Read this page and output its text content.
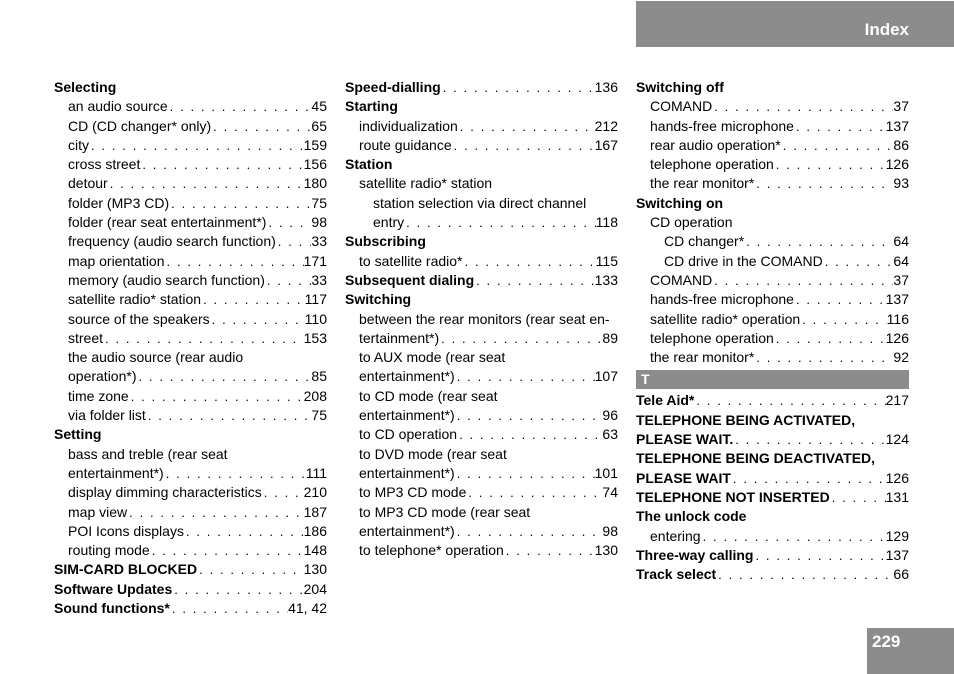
Index
Selecting
an audio source . . .	45
CD (CD changer* only) . . .	65
city . . .	159
cross street . . .	156
detour . . .	180
folder (MP3 CD) . . .	75
folder (rear seat entertainment*) . . .	98
frequency (audio search function) . . .	33
map orientation . . .	171
memory (audio search function) . . .	33
satellite radio* station . . .	117
source of the speakers . . .	110
street . . .	153
the audio source (rear audio
operation*) . . .	85
time zone . . .	208
via folder list . . .	75
Setting
bass and treble (rear seat
entertainment*) . . .	111
display dimming characteristics . . .	210
map view . . .	187
POI Icons displays . . .	186
routing mode . . .	148
SIM-CARD BLOCKED . . .	130
Software Updates . . .	204
Sound functions* . . .	41, 42
Speed-dialling . . .	136
Starting
individualization . . .	212
route guidance . . .	167
Station
satellite radio* station
station selection via direct channel
entry . . .	118
Subscribing
to satellite radio* . . .	115
Subsequent dialing . . .	133
Switching
between the rear monitors (rear seat en-
tertainment*) . . .	89
to AUX mode (rear seat
entertainment*) . . .	107
to CD mode (rear seat
entertainment*) . . .	96
to CD operation . . .	63
to DVD mode (rear seat
entertainment*) . . .	101
to MP3 CD mode . . .	74
to MP3 CD mode (rear seat
entertainment*) . . .	98
to telephone* operation . . .	130
Switching off
COMAND . . .	37
hands-free microphone . . .	137
rear audio operation* . . .	86
telephone operation . . .	126
the rear monitor* . . .	93
Switching on
CD operation
CD changer* . . .	64
CD drive in the COMAND . . .	64
COMAND . . .	37
hands-free microphone . . .	137
satellite radio* operation . . .	116
telephone operation . . .	126
the rear monitor* . . .	92
T
Tele Aid* . . .	217
TELEPHONE BEING ACTIVATED,
PLEASE WAIT. . . .	124
TELEPHONE BEING DEACTIVATED,
PLEASE WAIT . . .	126
TELEPHONE NOT INSERTED . . .	131
The unlock code
entering . . .	129
Three-way calling . . .	137
Track select . . .	66
229
